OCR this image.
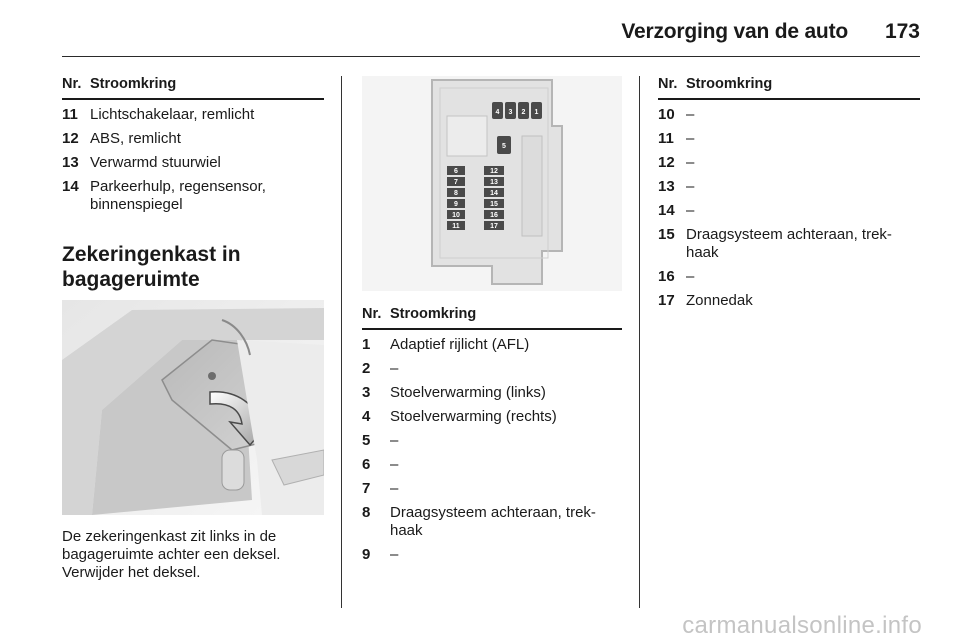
Verzorging van de auto 173
Nr. Stroomkring
11 Lichtschakelaar, remlicht
12 ABS, remlicht
13 Verwarmd stuurwiel
14 Parkeerhulp, regensensor, binnenspiegel
Zekeringenkast in bagageruimte
De zekeringenkast zit links in de bagageruimte achter een deksel. Verwijder het deksel.
4 3 2 1
5
6
7
8
9
10
11
12
13
14
15
16
17
Nr. Stroomkring
1	Adaptief rijlicht (AFL)
2	–
3	Stoelverwarming (links)
4	Stoelverwarming (rechts)
5	–
6	–
7	–
8	Draagsysteem achteraan, trek-haak
9	–
Nr. Stroomkring
10 –
11 –
12 –
13 –
14 –
15 Draagsysteem achteraan, trek-haak
16 –
17 Zonnedak
carmanualsonline.info
